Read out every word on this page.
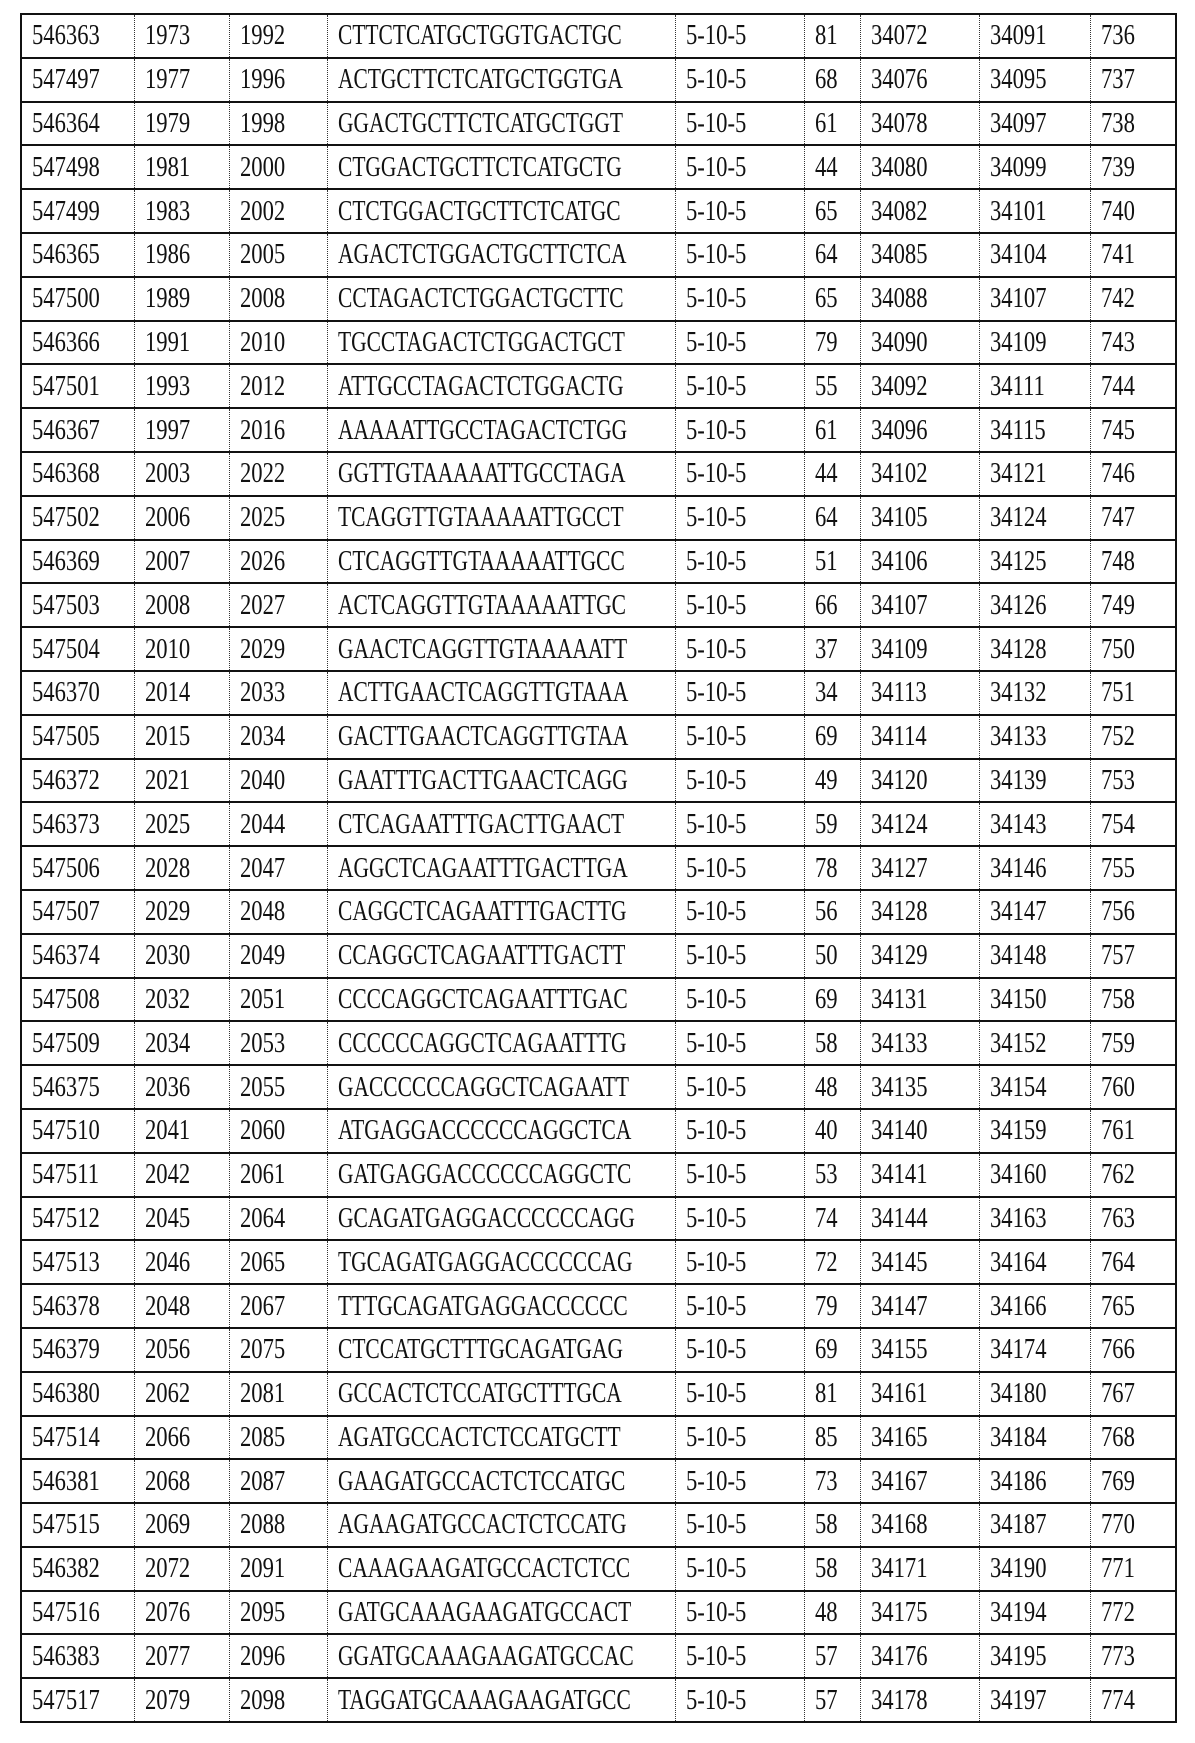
546363	1973	1992	CTTCTCATGCTGGTGACTGC	5-10-5	81	34072	34091	736
547497	1977	1996	ACTGCTTCTCATGCTGGTGA	5-10-5	68	34076	34095	737
546364	1979	1998	GGACTGCTTCTCATGCTGGT	5-10-5	61	34078	34097	738
547498	1981	2000	CTGGACTGCTTCTCATGCTG	5-10-5	44	34080	34099	739
547499	1983	2002	CTCTGGACTGCTTCTCATGC	5-10-5	65	34082	34101	740
546365	1986	2005	AGACTCTGGACTGCTTCTCA	5-10-5	64	34085	34104	741
547500	1989	2008	CCTAGACTCTGGACTGCTTC	5-10-5	65	34088	34107	742
546366	1991	2010	TGCCTAGACTCTGGACTGCT	5-10-5	79	34090	34109	743
547501	1993	2012	ATTGCCTAGACTCTGGACTG	5-10-5	55	34092	34111	744
546367	1997	2016	AAAAATTGCCTAGACTCTGG	5-10-5	61	34096	34115	745
546368	2003	2022	GGTTGTAAAAATTGCCTAGA	5-10-5	44	34102	34121	746
547502	2006	2025	TCAGGTTGTAAAAATTGCCT	5-10-5	64	34105	34124	747
546369	2007	2026	CTCAGGTTGTAAAAATTGCC	5-10-5	51	34106	34125	748
547503	2008	2027	ACTCAGGTTGTAAAAATTGC	5-10-5	66	34107	34126	749
547504	2010	2029	GAACTCAGGTTGTAAAAATT	5-10-5	37	34109	34128	750
546370	2014	2033	ACTTGAACTCAGGTTGTAAA	5-10-5	34	34113	34132	751
547505	2015	2034	GACTTGAACTCAGGTTGTAA	5-10-5	69	34114	34133	752
546372	2021	2040	GAATTTGACTTGAACTCAGG	5-10-5	49	34120	34139	753
546373	2025	2044	CTCAGAATTTGACTTGAACT	5-10-5	59	34124	34143	754
547506	2028	2047	AGGCTCAGAATTTGACTTGA	5-10-5	78	34127	34146	755
547507	2029	2048	CAGGCTCAGAATTTGACTTG	5-10-5	56	34128	34147	756
546374	2030	2049	CCAGGCTCAGAATTTGACTT	5-10-5	50	34129	34148	757
547508	2032	2051	CCCCAGGCTCAGAATTTGAC	5-10-5	69	34131	34150	758
547509	2034	2053	CCCCCCAGGCTCAGAATTTG	5-10-5	58	34133	34152	759
546375	2036	2055	GACCCCCCAGGCTCAGAATT	5-10-5	48	34135	34154	760
547510	2041	2060	ATGAGGACCCCCCAGGCTCA	5-10-5	40	34140	34159	761
547511	2042	2061	GATGAGGACCCCCCAGGCTC	5-10-5	53	34141	34160	762
547512	2045	2064	GCAGATGAGGACCCCCCAGG	5-10-5	74	34144	34163	763
547513	2046	2065	TGCAGATGAGGACCCCCCAG	5-10-5	72	34145	34164	764
546378	2048	2067	TTTGCAGATGAGGACCCCCC	5-10-5	79	34147	34166	765
546379	2056	2075	CTCCATGCTTTGCAGATGAG	5-10-5	69	34155	34174	766
546380	2062	2081	GCCACTCTCCATGCTTTGCA	5-10-5	81	34161	34180	767
547514	2066	2085	AGATGCCACTCTCCATGCTT	5-10-5	85	34165	34184	768
546381	2068	2087	GAAGATGCCACTCTCCATGC	5-10-5	73	34167	34186	769
547515	2069	2088	AGAAGATGCCACTCTCCATG	5-10-5	58	34168	34187	770
546382	2072	2091	CAAAGAAGATGCCACTCTCC	5-10-5	58	34171	34190	771
547516	2076	2095	GATGCAAAGAAGATGCCACT	5-10-5	48	34175	34194	772
546383	2077	2096	GGATGCAAAGAAGATGCCAC	5-10-5	57	34176	34195	773
547517	2079	2098	TAGGATGCAAAGAAGATGCC	5-10-5	57	34178	34197	774
